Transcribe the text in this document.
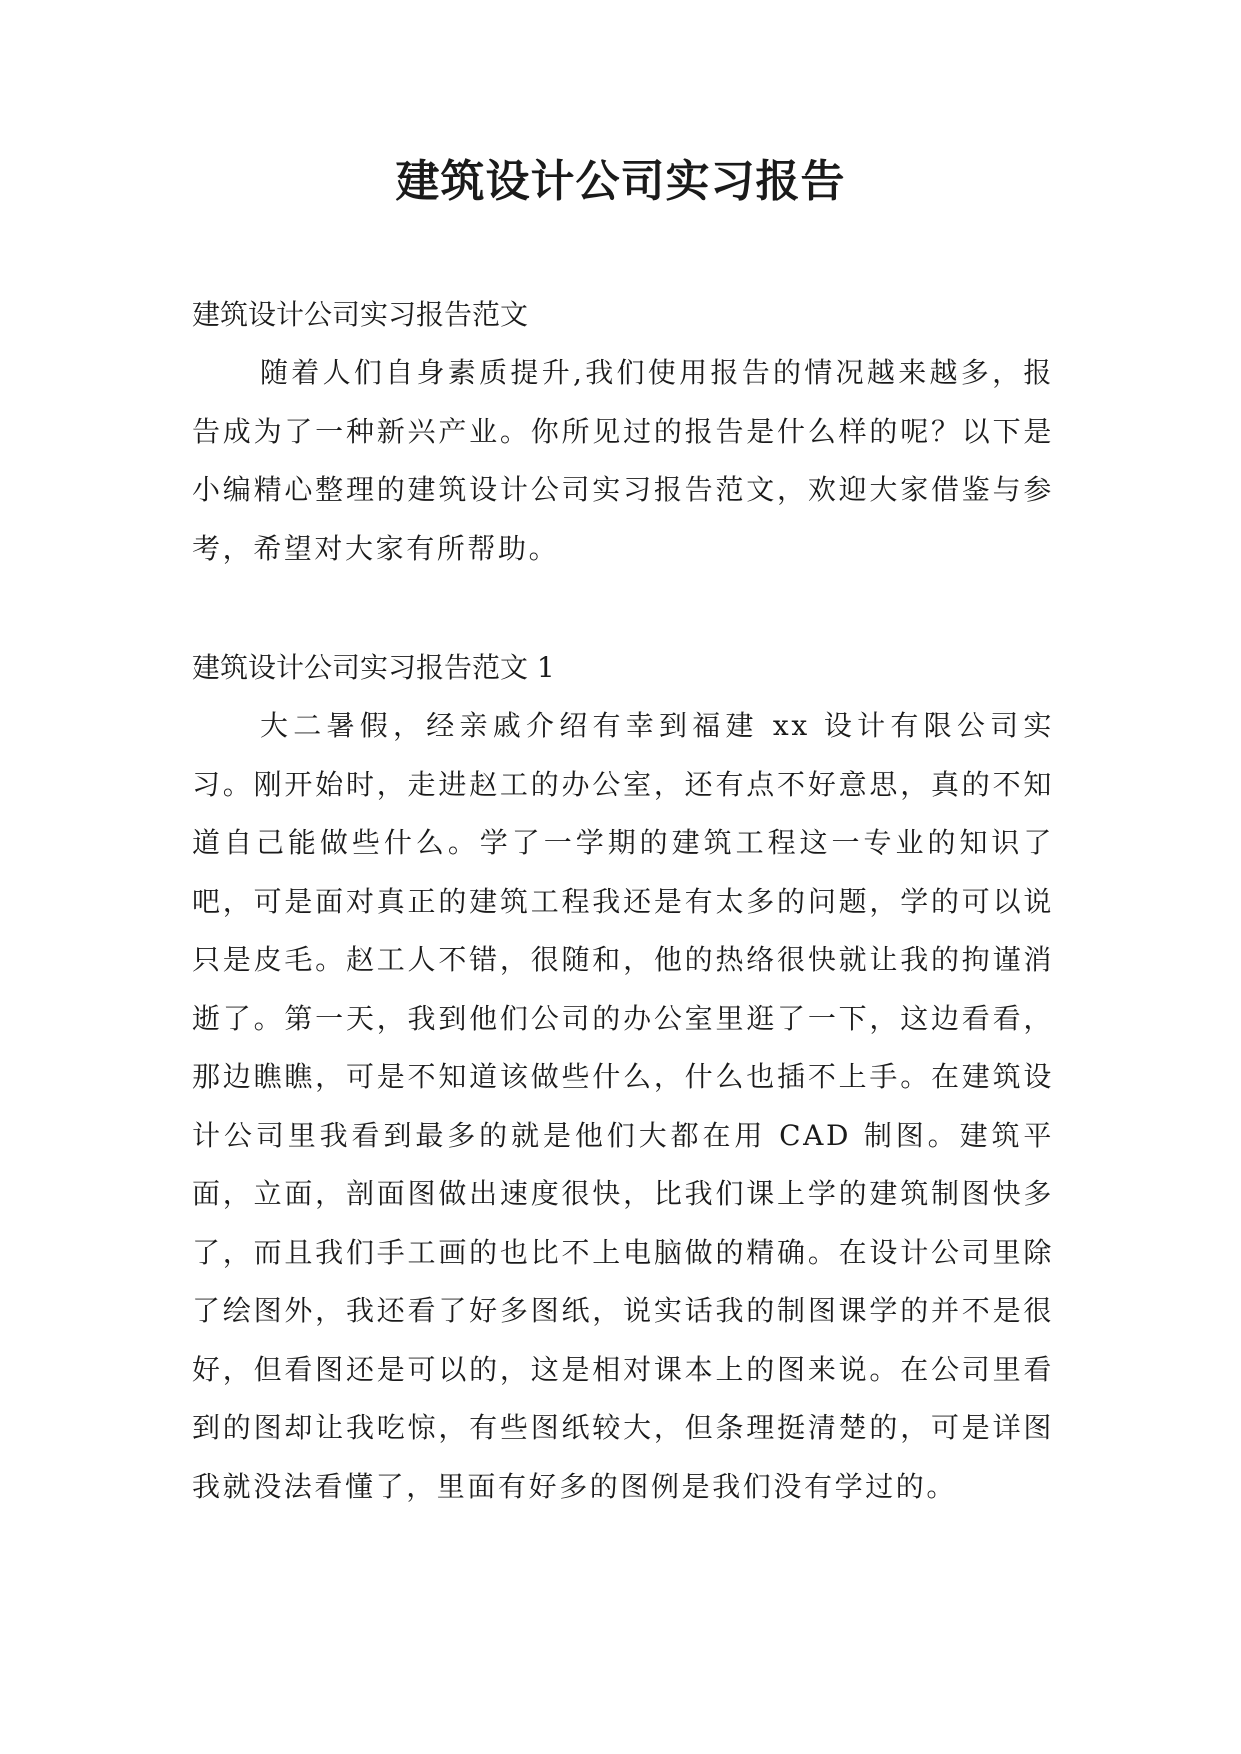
建筑设计公司实习报告

建筑设计公司实习报告范文

随着人们自身素质提升,我们使用报告的情况越来越多，报告成为了一种新兴产业。你所见过的报告是什么样的呢？以下是小编精心整理的建筑设计公司实习报告范文，欢迎大家借鉴与参考，希望对大家有所帮助。

建筑设计公司实习报告范文 1

大二暑假，经亲戚介绍有幸到福建 xx 设计有限公司实习。刚开始时，走进赵工的办公室，还有点不好意思，真的不知道自己能做些什么。学了一学期的建筑工程这一专业的知识了吧，可是面对真正的建筑工程我还是有太多的问题，学的可以说只是皮毛。赵工人不错，很随和，他的热络很快就让我的拘谨消逝了。第一天，我到他们公司的办公室里逛了一下，这边看看，那边瞧瞧，可是不知道该做些什么，什么也插不上手。在建筑设计公司里我看到最多的就是他们大都在用 CAD 制图。建筑平面，立面，剖面图做出速度很快，比我们课上学的建筑制图快多了，而且我们手工画的也比不上电脑做的精确。在设计公司里除了绘图外，我还看了好多图纸，说实话我的制图课学的并不是很好，但看图还是可以的，这是相对课本上的图来说。在公司里看到的图却让我吃惊，有些图纸较大，但条理挺清楚的，可是详图我就没法看懂了，里面有好多的图例是我们没有学过的。
